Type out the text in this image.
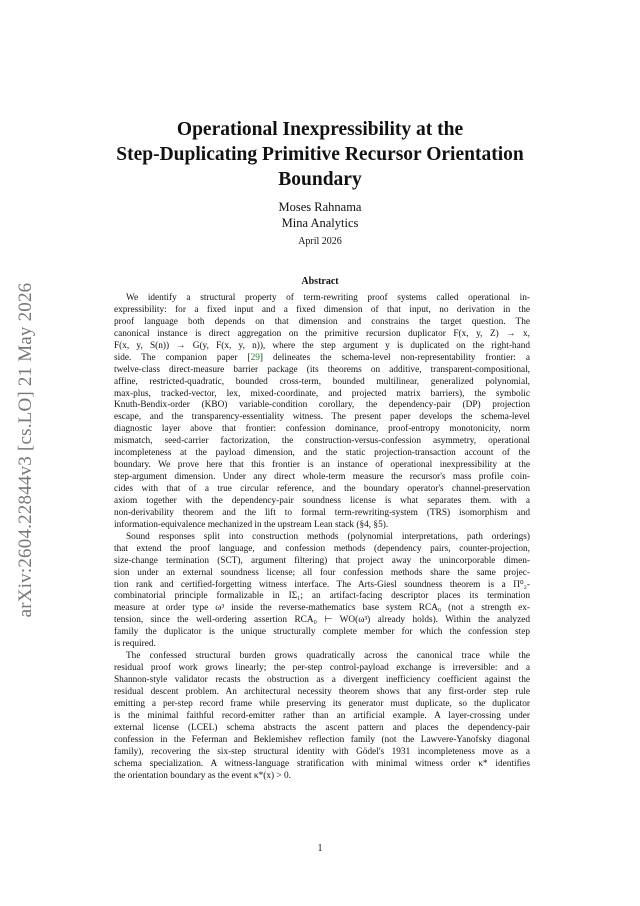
arXiv:2604.22844v3 [cs.LO] 21 May 2026
Operational Inexpressibility at the
Step-Duplicating Primitive Recursor Orientation
Boundary
Moses Rahnama
Mina Analytics
April 2026
Abstract
We identify a structural property of term-rewriting proof systems called operational in-
expressibility: for a fixed input and a fixed dimension of that input, no derivation in the
proof language both depends on that dimension and constrains the target question. The
canonical instance is direct aggregation on the primitive recursion duplicator F(x, y, Z) → x,
F(x, y, S(n)) → G(y, F(x, y, n)), where the step argument y is duplicated on the right-hand
side. The companion paper [29] delineates the schema-level non-representability frontier: a
twelve-class direct-measure barrier package (its theorems on additive, transparent-compositional,
affine, restricted-quadratic, bounded cross-term, bounded multilinear, generalized polynomial,
max-plus, tracked-vector, lex, mixed-coordinate, and projected matrix barriers), the symbolic
Knuth-Bendix-order (KBO) variable-condition corollary, the dependency-pair (DP) projection
escape, and the transparency-essentiality witness. The present paper develops the schema-level
diagnostic layer above that frontier: confession dominance, proof-entropy monotonicity, norm
mismatch, seed-carrier factorization, the construction-versus-confession asymmetry, operational
incompleteness at the payload dimension, and the static projection-transaction account of the
boundary. We prove here that this frontier is an instance of operational inexpressibility at the
step-argument dimension. Under any direct whole-term measure the recursor's mass profile coin-
cides with that of a true circular reference, and the boundary operator's channel-preservation
axiom together with the dependency-pair soundness license is what separates them. with a
non-derivability theorem and the lift to formal term-rewriting-system (TRS) isomorphism and
information-equivalence mechanized in the upstream Lean stack (§4, §5).
Sound responses split into construction methods (polynomial interpretations, path orderings)
that extend the proof language, and confession methods (dependency pairs, counter-projection,
size-change termination (SCT), argument filtering) that project away the unincorporable dimen-
sion under an external soundness license; all four confession methods share the same projec-
tion rank and certified-forgetting witness interface. The Arts-Giesl soundness theorem is a Π⁰₂-
combinatorial principle formalizable in IΣ₁; an artifact-facing descriptor places its termination
measure at order type ω³ inside the reverse-mathematics base system RCA₀ (not a strength ex-
tension, since the well-ordering assertion RCA₀ ⊢ WO(ω³) already holds). Within the analyzed
family the duplicator is the unique structurally complete member for which the confession step
is required.
The confessed structural burden grows quadratically across the canonical trace while the
residual proof work grows linearly; the per-step control-payload exchange is irreversible: and a
Shannon-style validator recasts the obstruction as a divergent inefficiency coefficient against the
residual descent problem. An architectural necessity theorem shows that any first-order step rule
emitting a per-step record frame while preserving its generator must duplicate, so the duplicator
is the minimal faithful record-emitter rather than an artificial example. A layer-crossing under
external license (LCEL) schema abstracts the ascent pattern and places the dependency-pair
confession in the Feferman and Beklemishev reflection family (not the Lawvere-Yanofsky diagonal
family), recovering the six-step structural identity with Gödel's 1931 incompleteness move as a
schema specialization. A witness-language stratification with minimal witness order κ* identifies
the orientation boundary as the event κ*(x) > 0.
1
